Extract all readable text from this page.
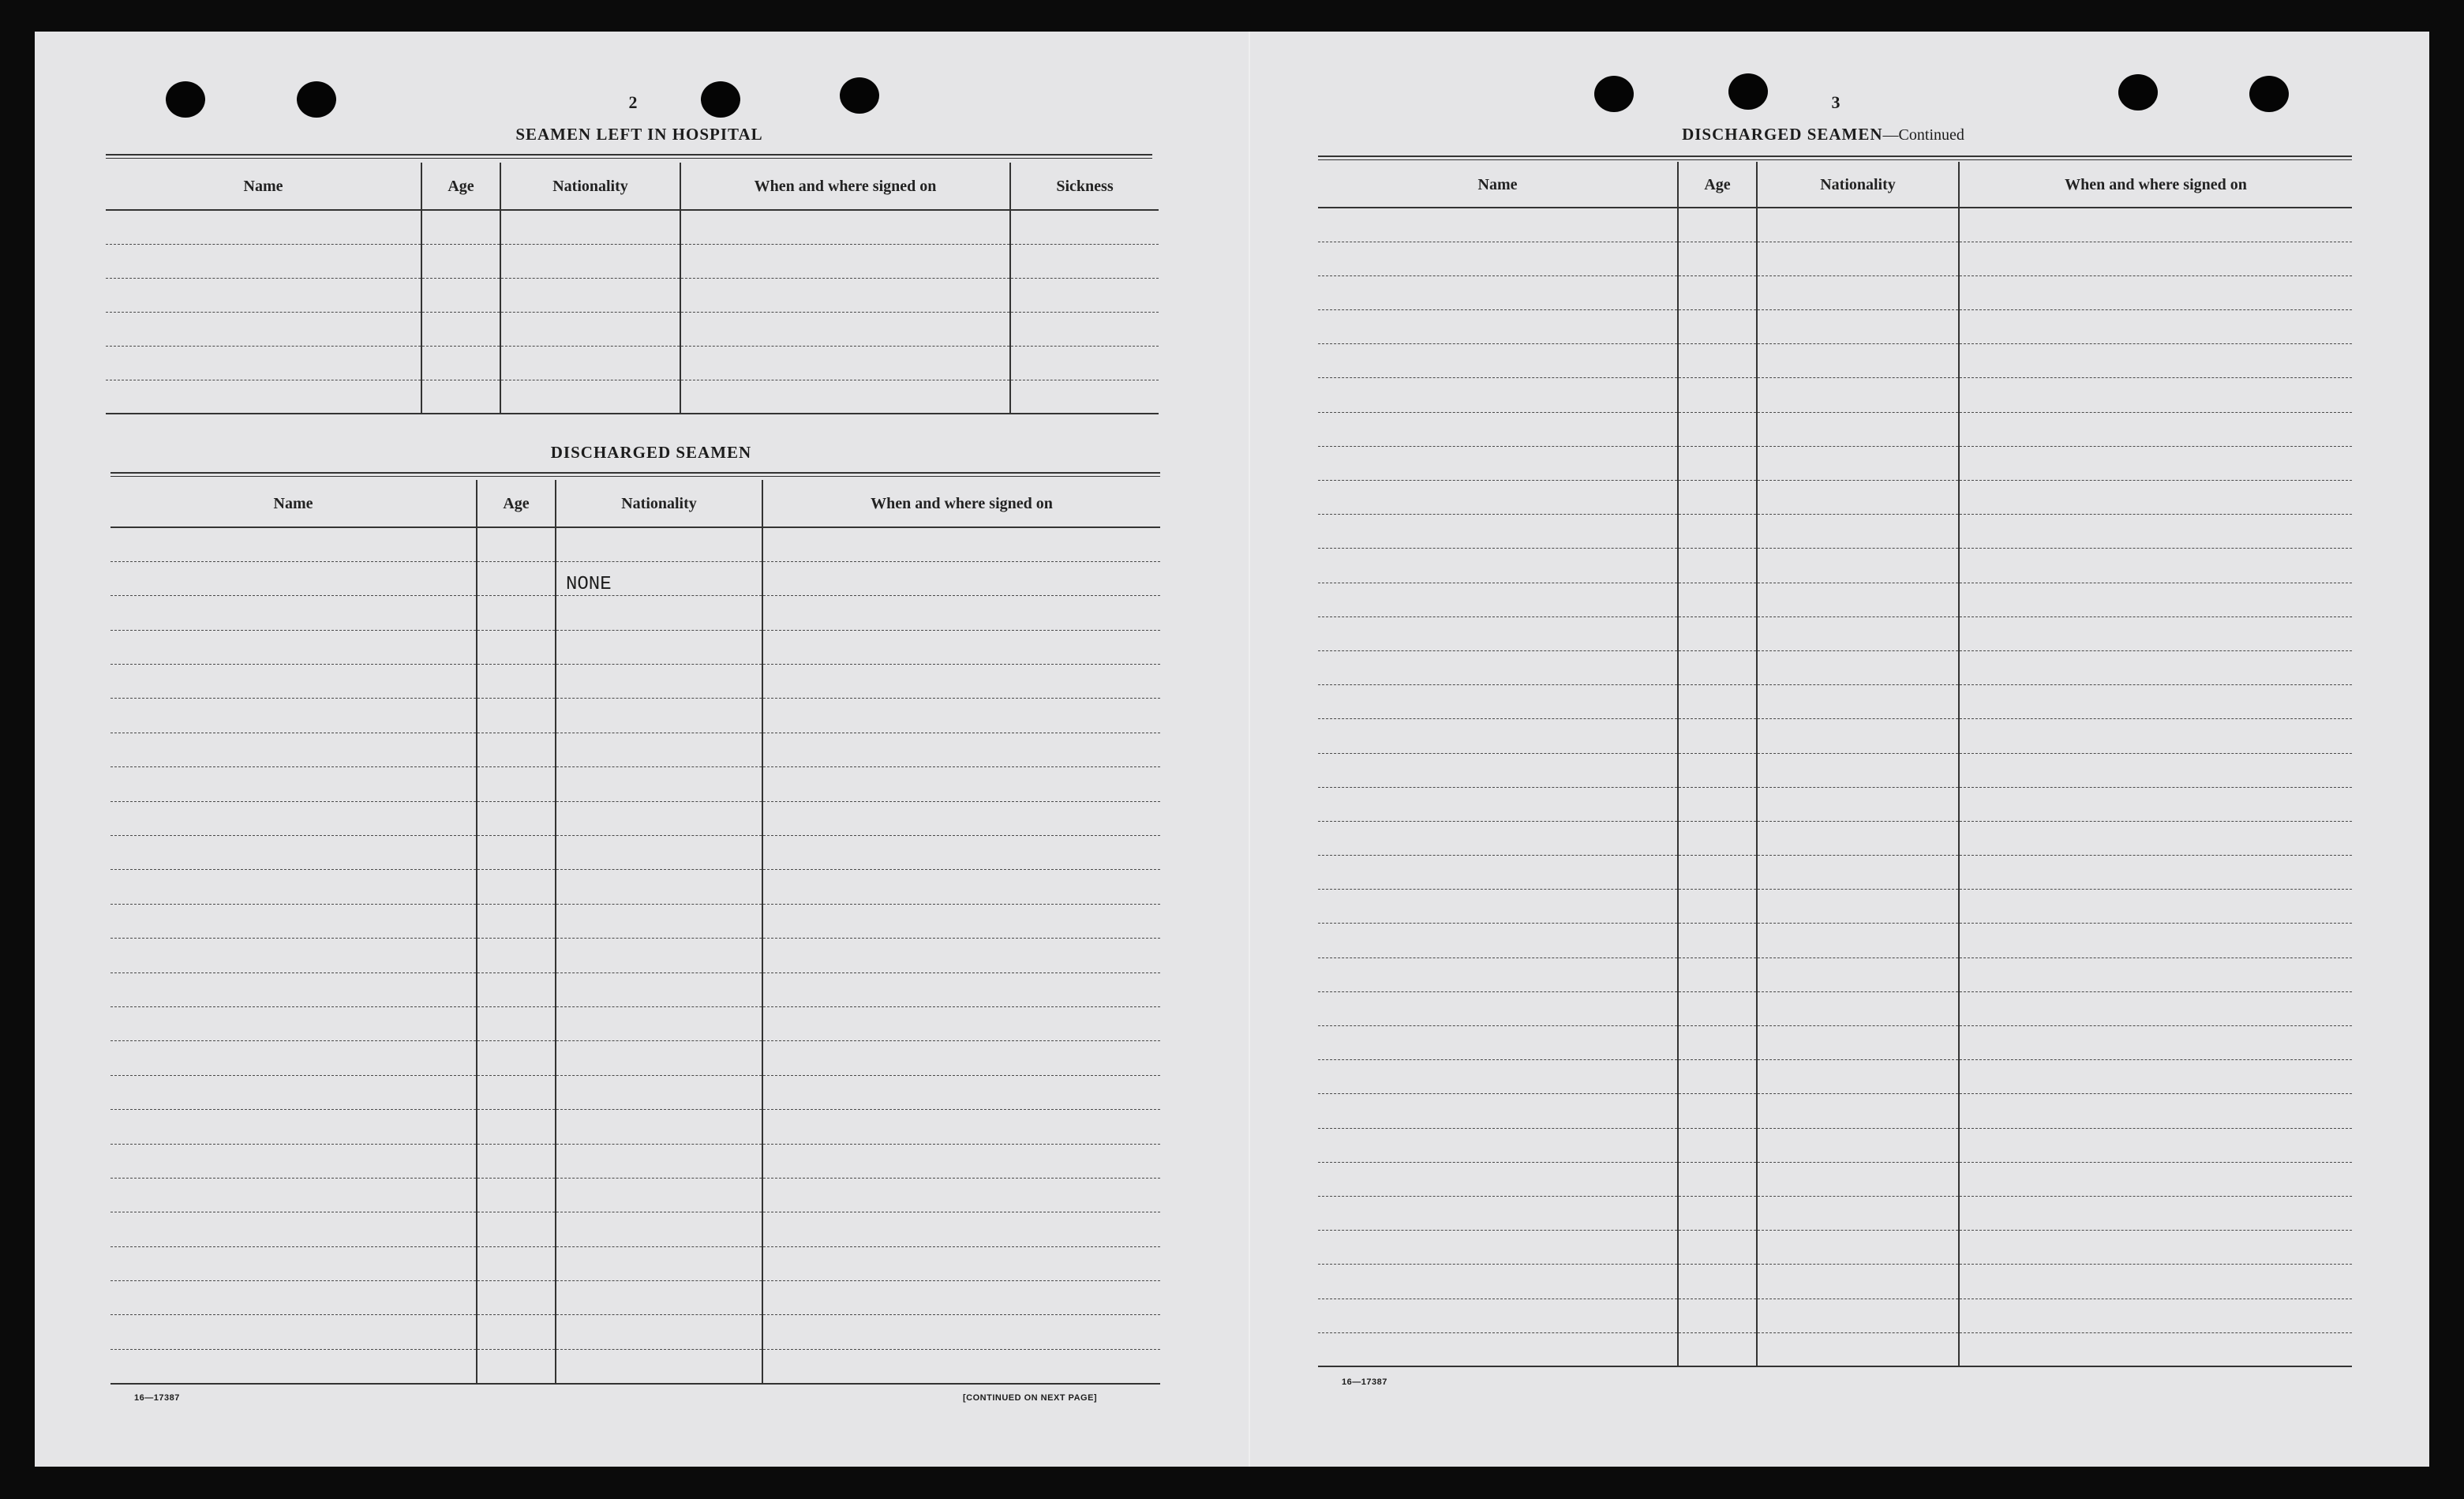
2
SEAMEN LEFT IN HOSPITAL
Name	Age	Nationality	When and where signed on	Sickness

DISCHARGED SEAMEN
Name	Age	Nationality	When and where signed on

		NONE	

16—17387	[CONTINUED ON NEXT PAGE]
3
DISCHARGED SEAMEN—Continued
Name	Age	Nationality	When and where signed on

16—17387
